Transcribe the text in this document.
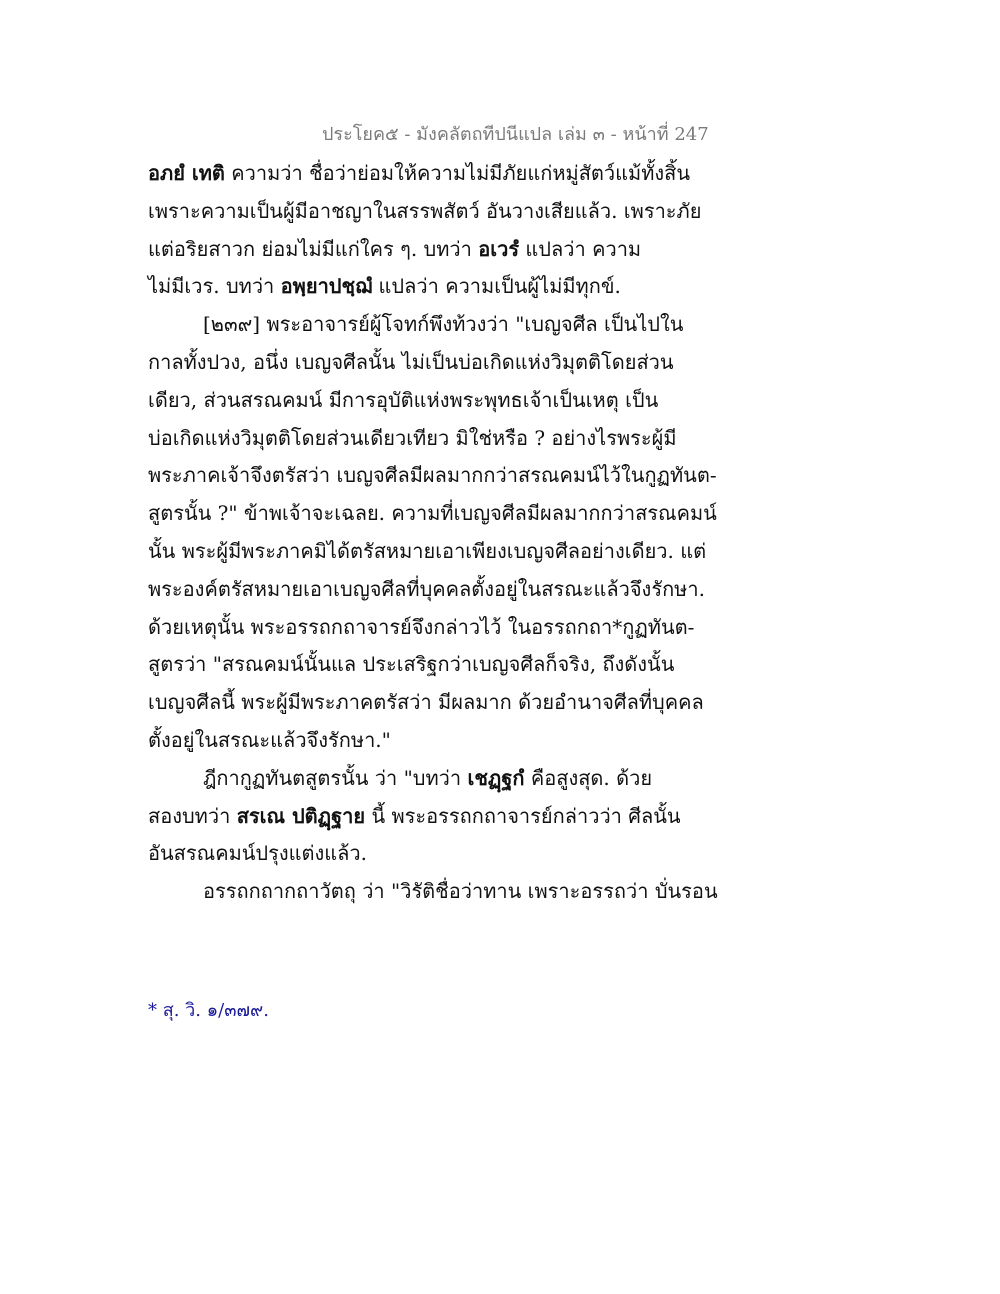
ประโยค๕ - มังคลัตถทีปนีแปล เล่ม ๓ - หน้าที่ 247
อภยํ เทติ ความว่า ชื่อว่าย่อมให้ความไม่มีภัยแก่หมู่สัตว์แม้ทั้งสิ้น
เพราะความเป็นผู้มีอาชญาในสรรพสัตว์ อันวางเสียแล้ว. เพราะภัย
แต่อริยสาวก ย่อมไม่มีแก่ใคร ๆ. บทว่า อเวรํ แปลว่า ความ
ไม่มีเวร. บทว่า อพฺยาปชฺฌํ แปลว่า ความเป็นผู้ไม่มีทุกข์.
[๒๓๙] พระอาจารย์ผู้โจทก์พึงท้วงว่า "เบญจศีล เป็นไปใน
กาลทั้งปวง, อนึ่ง เบญจศีลนั้น ไม่เป็นบ่อเกิดแห่งวิมุตติโดยส่วน
เดียว, ส่วนสรณคมน์ มีการอุบัติแห่งพระพุทธเจ้าเป็นเหตุ เป็น
บ่อเกิดแห่งวิมุตติโดยส่วนเดียวเทียว มิใช่หรือ ? อย่างไรพระผู้มี
พระภาคเจ้าจึงตรัสว่า เบญจศีลมีผลมากกว่าสรณคมน์ไว้ในกูฏทันต-
สูตรนั้น ?" ข้าพเจ้าจะเฉลย. ความที่เบญจศีลมีผลมากกว่าสรณคมน์
นั้น พระผู้มีพระภาคมิได้ตรัสหมายเอาเพียงเบญจศีลอย่างเดียว. แต่
พระองค์ตรัสหมายเอาเบญจศีลที่บุคคลตั้งอยู่ในสรณะแล้วจึงรักษา.
ด้วยเหตุนั้น พระอรรถกถาจารย์จึงกล่าวไว้ ในอรรถกถา*กูฏทันต-
สูตรว่า "สรณคมน์นั้นแล ประเสริฐกว่าเบญจศีลก็จริง, ถึงดังนั้น
เบญจศีลนี้ พระผู้มีพระภาคตรัสว่า มีผลมาก ด้วยอำนาจศีลที่บุคคล
ตั้งอยู่ในสรณะแล้วจึงรักษา."
ฎีกากูฏทันตสูตรนั้น ว่า "บทว่า เชฏฺฐกํ คือสูงสุด. ด้วย
สองบทว่า สรเณ ปติฏฺฐาย นี้ พระอรรถกถาจารย์กล่าวว่า ศีลนั้น
อันสรณคมน์ปรุงแต่งแล้ว.
อรรถกถากถาวัตถุ ว่า "วิรัติชื่อว่าทาน เพราะอรรถว่า บั่นรอน
* สุ. วิ. ๑/๓๗๙.
